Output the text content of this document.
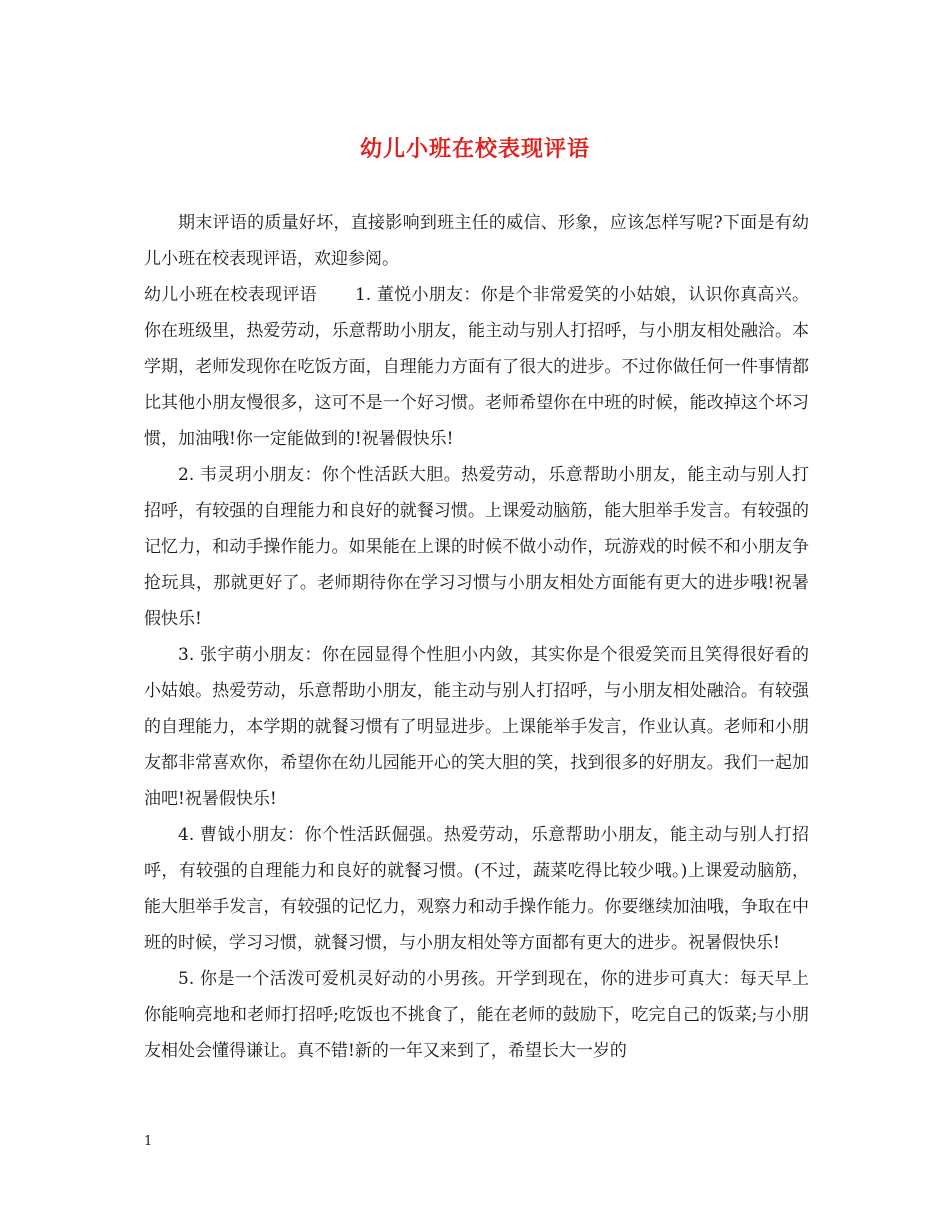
幼儿小班在校表现评语

期末评语的质量好坏，直接影响到班主任的威信、形象，应该怎样写呢?下面是有幼儿小班在校表现评语，欢迎参阅。

幼儿小班在校表现评语 1. 董悦小朋友：你是个非常爱笑的小姑娘，认识你真高兴。你在班级里，热爱劳动，乐意帮助小朋友，能主动与别人打招呼，与小朋友相处融洽。本学期，老师发现你在吃饭方面，自理能力方面有了很大的进步。不过你做任何一件事情都比其他小朋友慢很多，这可不是一个好习惯。老师希望你在中班的时候，能改掉这个坏习惯，加油哦!你一定能做到的!祝暑假快乐!

2. 韦灵玥小朋友：你个性活跃大胆。热爱劳动，乐意帮助小朋友，能主动与别人打招呼，有较强的自理能力和良好的就餐习惯。上课爱动脑筋，能大胆举手发言。有较强的记忆力，和动手操作能力。如果能在上课的时候不做小动作，玩游戏的时候不和小朋友争抢玩具，那就更好了。老师期待你在学习习惯与小朋友相处方面能有更大的进步哦!祝暑假快乐!

3. 张宇萌小朋友：你在园显得个性胆小内敛，其实你是个很爱笑而且笑得很好看的小姑娘。热爱劳动，乐意帮助小朋友，能主动与别人打招呼，与小朋友相处融洽。有较强的自理能力，本学期的就餐习惯有了明显进步。上课能举手发言，作业认真。老师和小朋友都非常喜欢你，希望你在幼儿园能开心的笑大胆的笑，找到很多的好朋友。我们一起加油吧!祝暑假快乐!

4. 曹钺小朋友：你个性活跃倔强。热爱劳动，乐意帮助小朋友，能主动与别人打招呼，有较强的自理能力和良好的就餐习惯。(不过，蔬菜吃得比较少哦。)上课爱动脑筋，能大胆举手发言，有较强的记忆力，观察力和动手操作能力。你要继续加油哦，争取在中班的时候，学习习惯，就餐习惯，与小朋友相处等方面都有更大的进步。祝暑假快乐!

5. 你是一个活泼可爱机灵好动的小男孩。开学到现在，你的进步可真大：每天早上你能响亮地和老师打招呼;吃饭也不挑食了，能在老师的鼓励下，吃完自己的饭菜;与小朋友相处会懂得谦让。真不错!新的一年又来到了，希望长大一岁的

1
